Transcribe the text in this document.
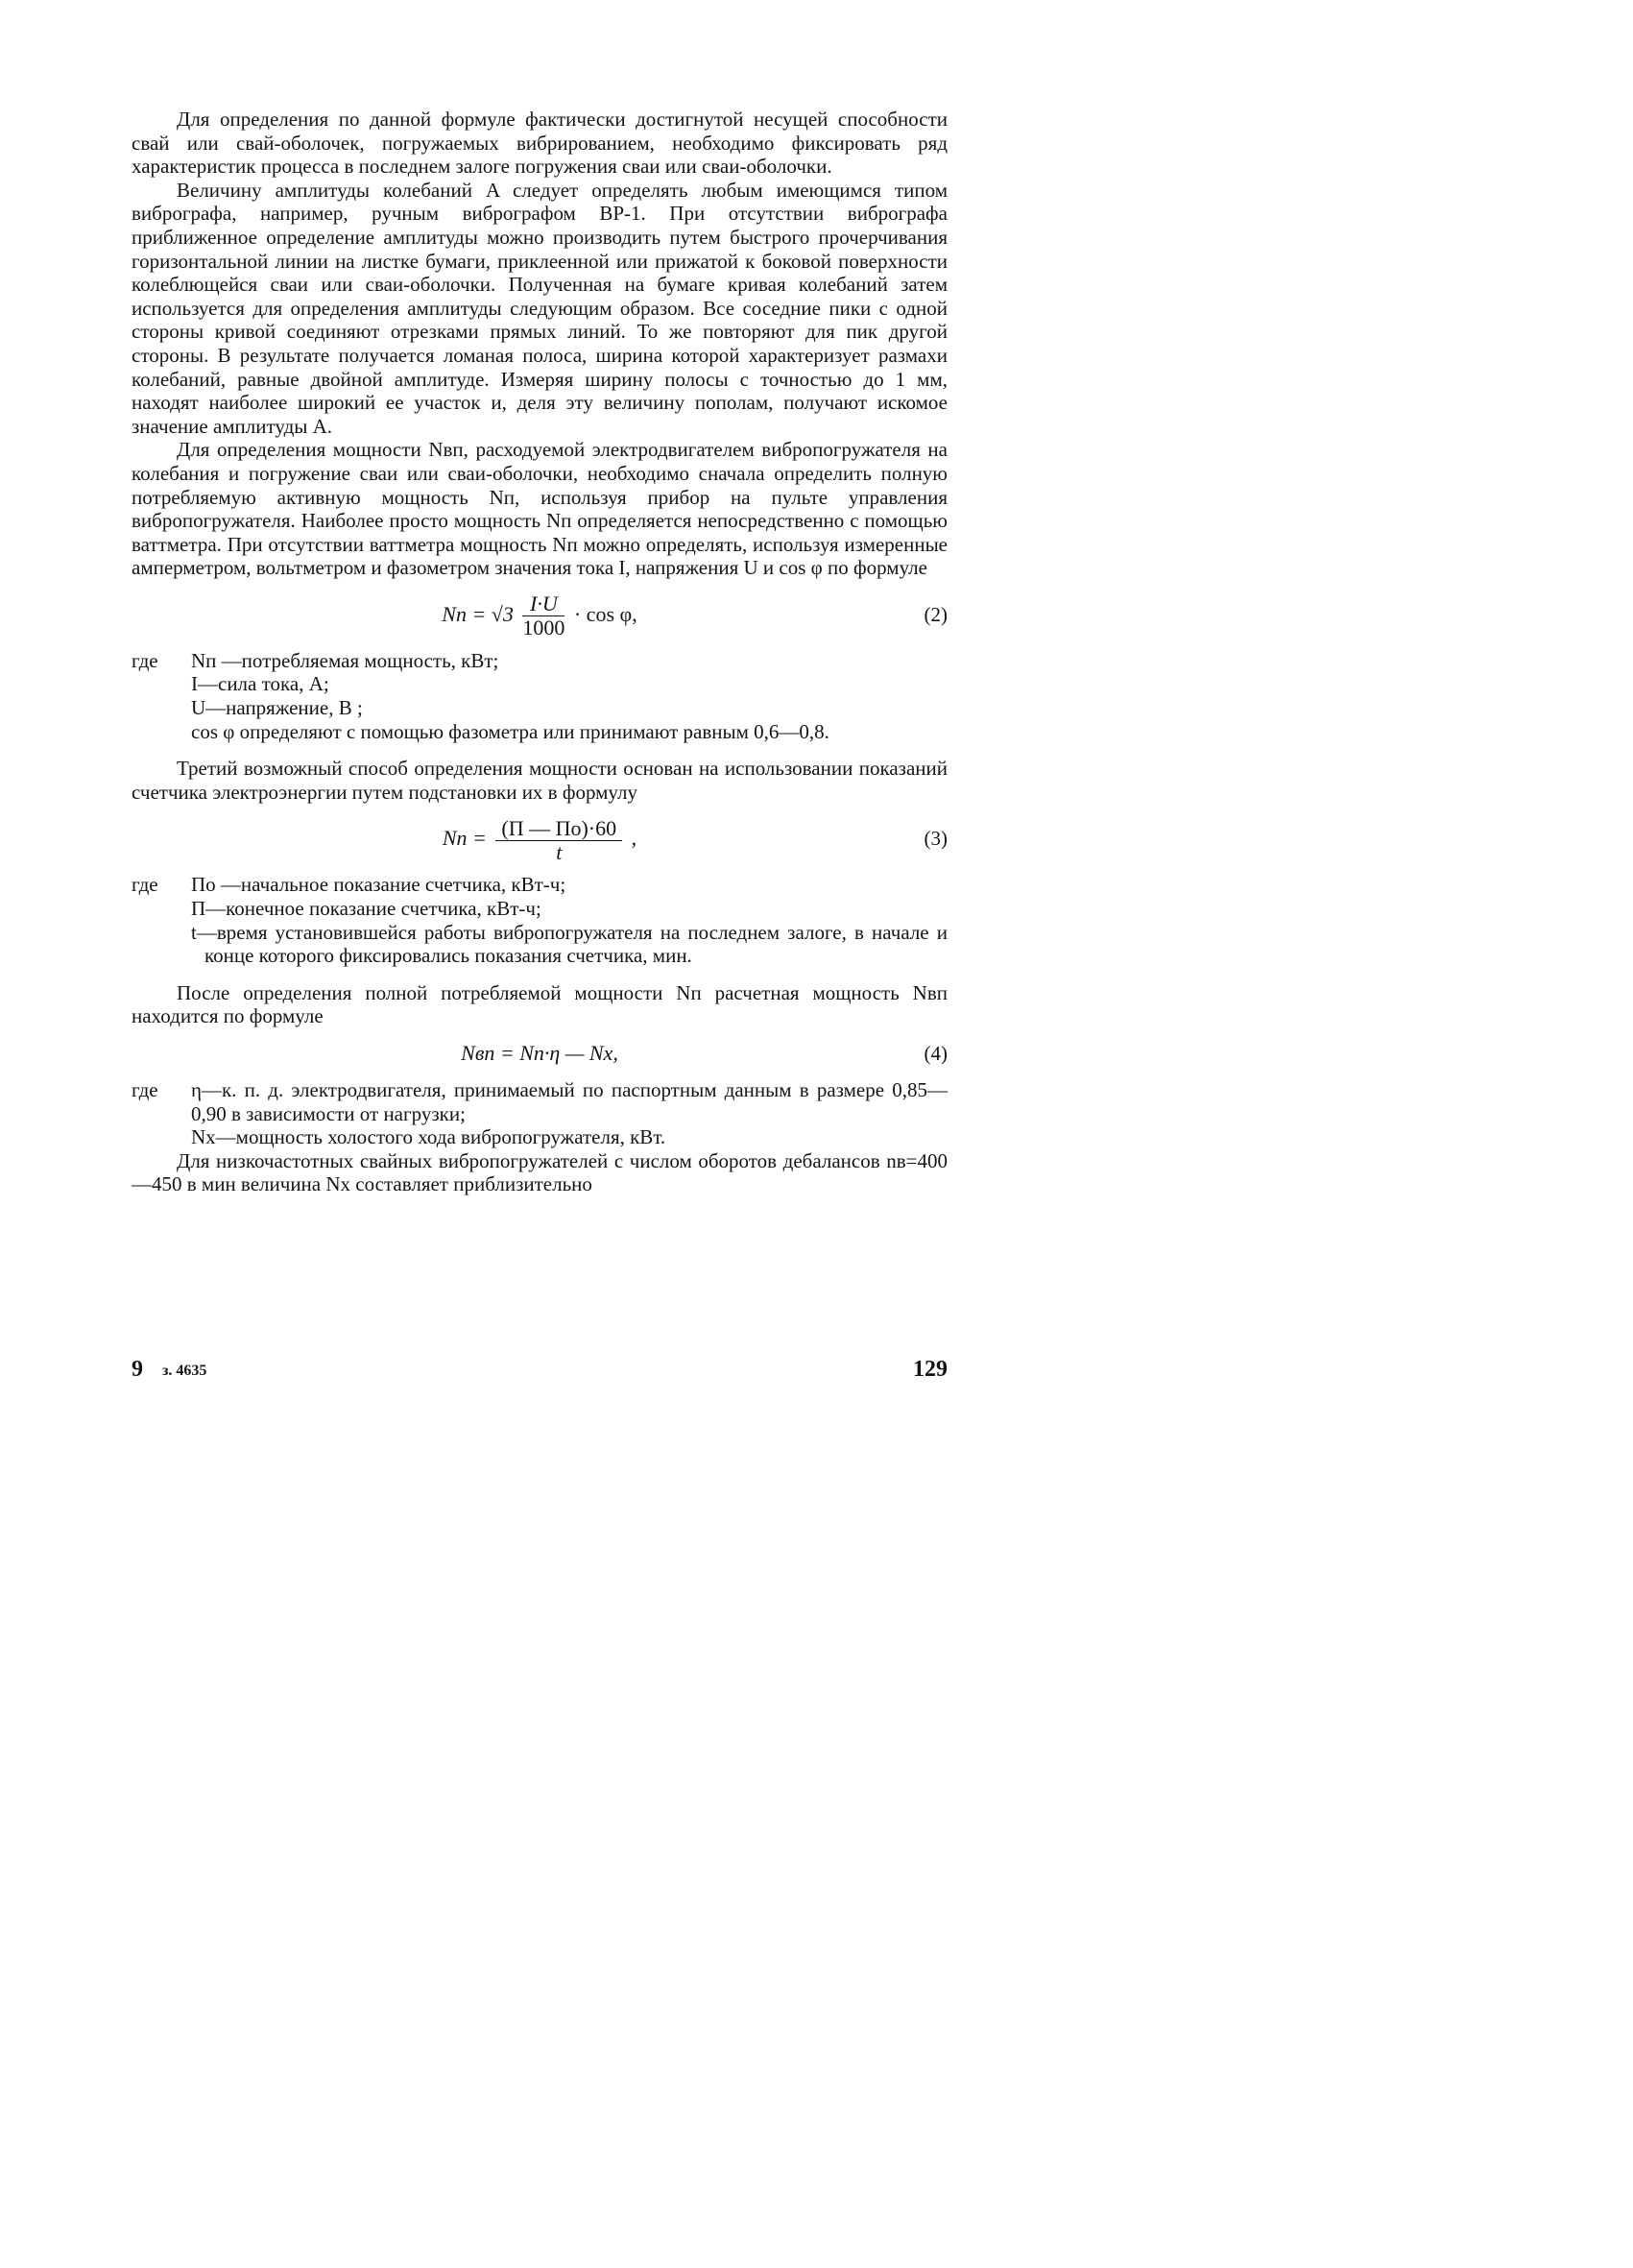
Для определения по данной формуле фактически достигнутой несущей способности свай или свай-оболочек, погружаемых вибрированием, необходимо фиксировать ряд характеристик процесса в последнем залоге погружения сваи или сваи-оболочки.

Величину амплитуды колебаний A следует определять любым имеющимся типом вибрографа, например, ручным вибрографом ВР-1. При отсутствии вибрографа приближенное определение амплитуды можно производить путем быстрого прочерчивания горизонтальной линии на листке бумаги, приклеенной или прижатой к боковой поверхности колеблющейся сваи или сваи-оболочки. Полученная на бумаге кривая колебаний затем используется для определения амплитуды следующим образом. Все соседние пики с одной стороны кривой соединяют отрезками прямых линий. То же повторяют для пик другой стороны. В результате получается ломаная полоса, ширина которой характеризует размахи колебаний, равные двойной амплитуде. Измеряя ширину полосы с точностью до 1 мм, находят наиболее широкий ее участок и, деля эту величину пополам, получают искомое значение амплитуды A.

Для определения мощности Nвп, расходуемой электродвигателем вибропогружателя на колебания и погружение сваи или сваи-оболочки, необходимо сначала определить полную потребляемую активную мощность Nп, используя прибор на пульте управления вибропогружателя. Наиболее просто мощность Nп определяется непосредственно с помощью ваттметра. При отсутствии ваттметра мощность Nп можно определять, используя измеренные амперметром, вольтметром и фазометром значения тока I, напряжения U и cos φ по формуле

Nп = $√3 \frac{I\cdot U}{1000} \cdot \cos \varphi$,	(2)
где	Nп —потребляемая мощность, кВт;
I—сила тока, А;
U—напряжение, В ;
cos φ определяют с помощью фазометра или принимают равным 0,6—0,8.

Третий возможный способ определения мощности основан на использовании показаний счетчика электроэнергии путем подстановки их в формулу

Nп = $\frac{(П — По)\cdot 60}{t}$ ,	(3)
где	По —начальное показание счетчика, кВт-ч;
П—конечное показание счетчика, кВт-ч;
t—время установившейся работы вибропогружателя на последнем залоге, в начале и конце которого фиксировались показания счетчика, мин.

После определения полной потребляемой мощности Nп расчетная мощность Nвп находится по формуле

Nвп = Nп·η — Nх,	(4)
где	η—к. п. д. электродвигателя, принимаемый по паспортным данным в размере 0,85—0,90 в зависимости от нагрузки;
Nх—мощность холостого хода вибропогружателя, кВт.

Для низкочастотных свайных вибропогружателей с числом оборотов дебалансов nв=400—450 в мин величина Nх составляет приблизительно

9 з. 4635	129
